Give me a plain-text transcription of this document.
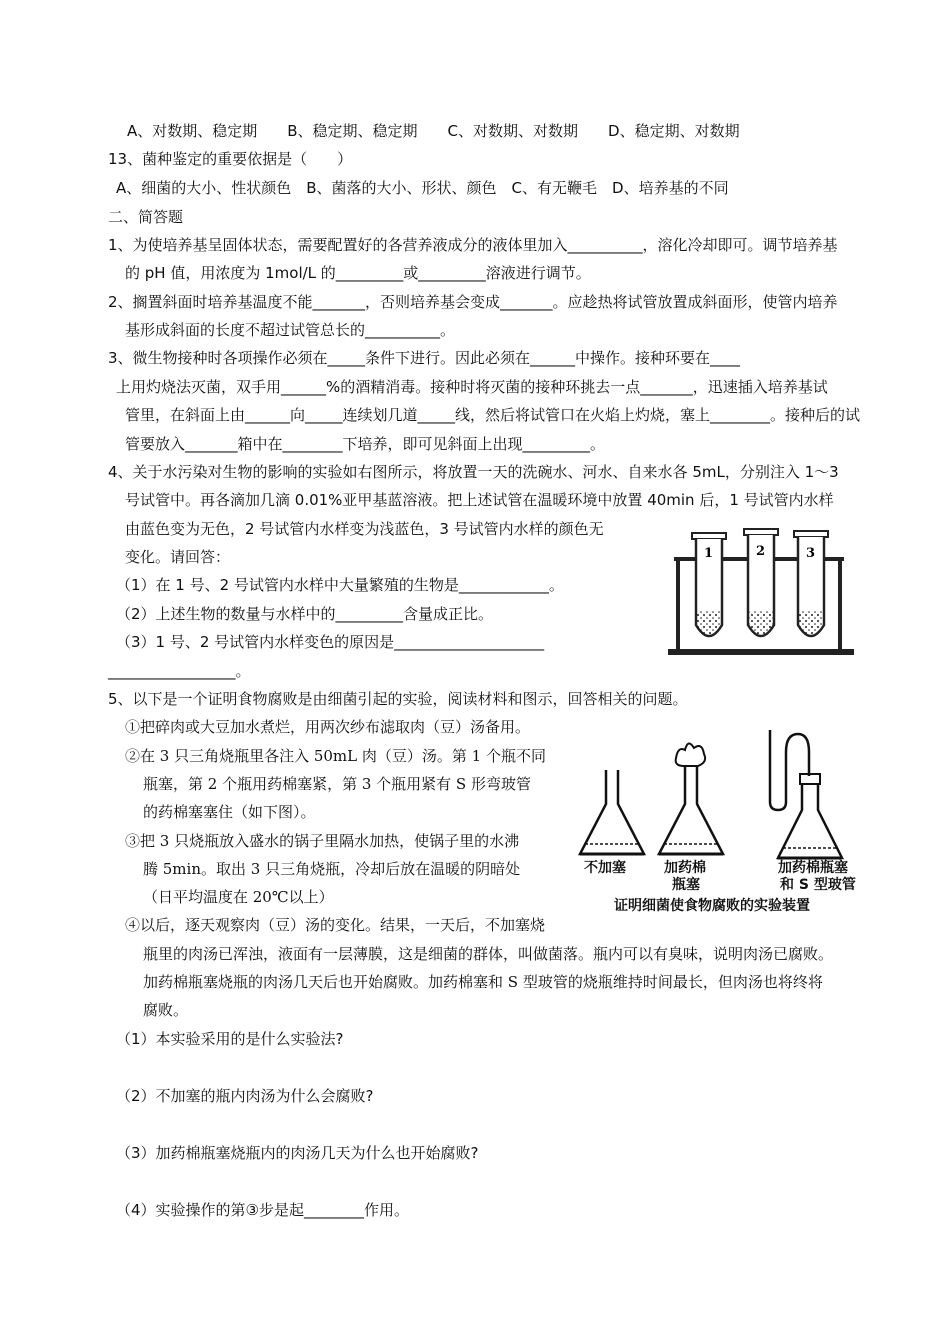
A、对数期、稳定期　　B、稳定期、稳定期　　C、对数期、对数期　　D、稳定期、对数期
13、菌种鉴定的重要依据是（　　）
A、细菌的大小、性状颜色　B、菌落的大小、形状、颜色　C、有无鞭毛　D、培养基的不同
二、简答题
1、为使培养基呈固体状态，需要配置好的各营养液成分的液体里加入__________，溶化冷却即可。调节培养基
的 pH 值，用浓度为 1mol/L 的_________或_________溶液进行调节。
2、搁置斜面时培养基温度不能_______，否则培养基会变成_______。应趁热将试管放置成斜面形，使管内培养
基形成斜面的长度不超过试管总长的__________。
3、微生物接种时各项操作必须在_____条件下进行。因此必须在______中操作。接种环要在____
上用灼烧法灭菌，双手用______%的酒精消毒。接种时将灭菌的接种环挑去一点_______，迅速插入培养基试
管里，在斜面上由______向_____连续划几道_____线，然后将试管口在火焰上灼烧，塞上________。接种后的试
管要放入_______箱中在________下培养，即可见斜面上出现_________。
4、关于水污染对生物的影响的实验如右图所示，将放置一天的洗碗水、河水、自来水各 5mL，分别注入 1～3
号试管中。再各滴加几滴 0.01%亚甲基蓝溶液。把上述试管在温暖环境中放置 40min 后，1 号试管内水样
由蓝色变为无色，2 号试管内水样变为浅蓝色，3 号试管内水样的颜色无
变化。请回答：
（1）在 1 号、2 号试管内水样中大量繁殖的生物是____________。
（2）上述生物的数量与水样中的_________含量成正比。
（3）1 号、2 号试管内水样变色的原因是____________________
_________________。
1	2	3
5、以下是一个证明食物腐败是由细菌引起的实验，阅读材料和图示，回答相关的问题。
①把碎肉或大豆加水煮烂，用两次纱布滤取肉（豆）汤备用。
②在 3 只三角烧瓶里各注入 50mL 肉（豆）汤。第 1 个瓶不同
瓶塞，第 2 个瓶用药棉塞紧，第 3 个瓶用紧有 S 形弯玻管
的药棉塞塞住（如下图）。
③把 3 只烧瓶放入盛水的锅子里隔水加热，使锅子里的水沸
腾 5min。取出 3 只三角烧瓶，冷却后放在温暖的阴暗处
（日平均温度在 20℃以上）
④以后，逐天观察肉（豆）汤的变化。结果，一天后，不加塞烧
瓶里的肉汤已浑浊，液面有一层薄膜，这是细菌的群体，叫做菌落。瓶内可以有臭味，说明肉汤已腐败。
加药棉瓶塞烧瓶的肉汤几天后也开始腐败。加药棉塞和 S 型玻管的烧瓶维持时间最长，但肉汤也将终将
腐败。
不加塞	加药棉
瓶塞
加药棉瓶塞
和 S 型玻管
证明细菌使食物腐败的实验装置
（1）本实验采用的是什么实验法?
（2）不加塞的瓶内肉汤为什么会腐败?
（3）加药棉瓶塞烧瓶内的肉汤几天为什么也开始腐败?
（4）实验操作的第③步是起________作用。
